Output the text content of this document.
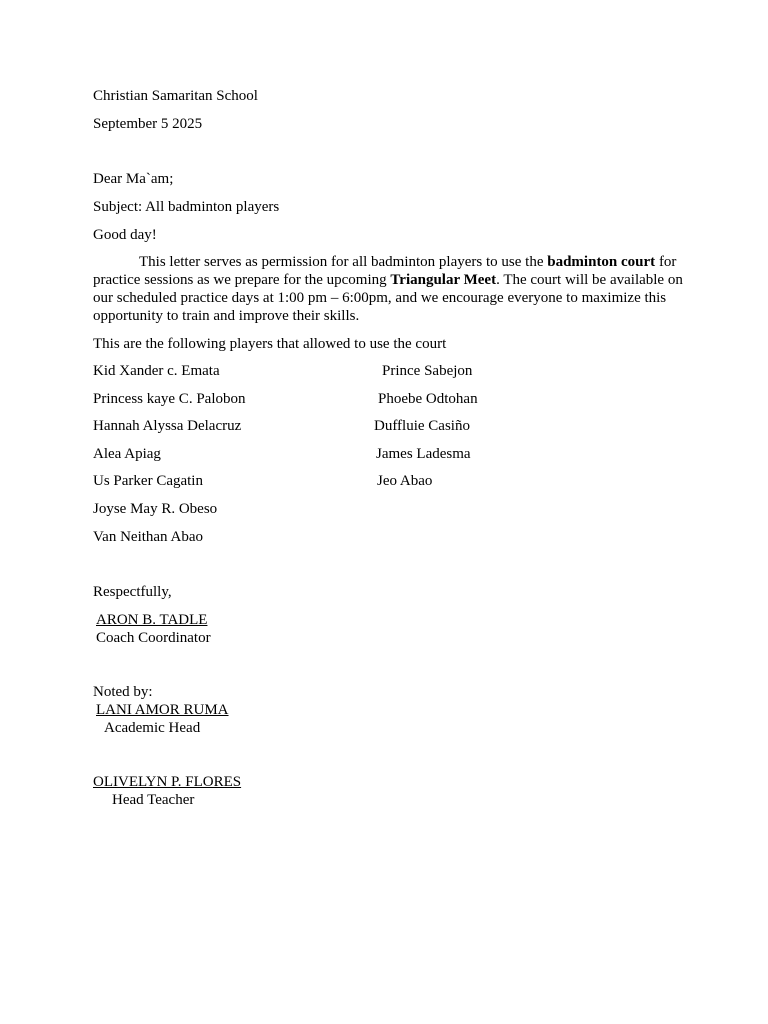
Christian Samaritan School
September 5 2025
Dear Ma`am;
Subject: All badminton players
Good day!
This letter serves as permission for all badminton players to use the badminton court for practice sessions as we prepare for the upcoming Triangular Meet. The court will be available on our scheduled practice days at 1:00 pm – 6:00pm, and we encourage everyone to maximize this opportunity to train and improve their skills.
This are the following players that allowed to use the court
Kid Xander c. Emata
Princess kaye C. Palobon
Hannah Alyssa Delacruz
Alea Apiag
Us Parker Cagatin
Joyse May R. Obeso
Van Neithan Abao
Prince Sabejon
Phoebe Odtohan
Duffluie Casiño
James Ladesma
Jeo Abao
Respectfully,
ARON B. TADLE
Coach Coordinator
Noted by:
LANI AMOR RUMA
Academic Head
OLIVELYN P. FLORES
Head Teacher
